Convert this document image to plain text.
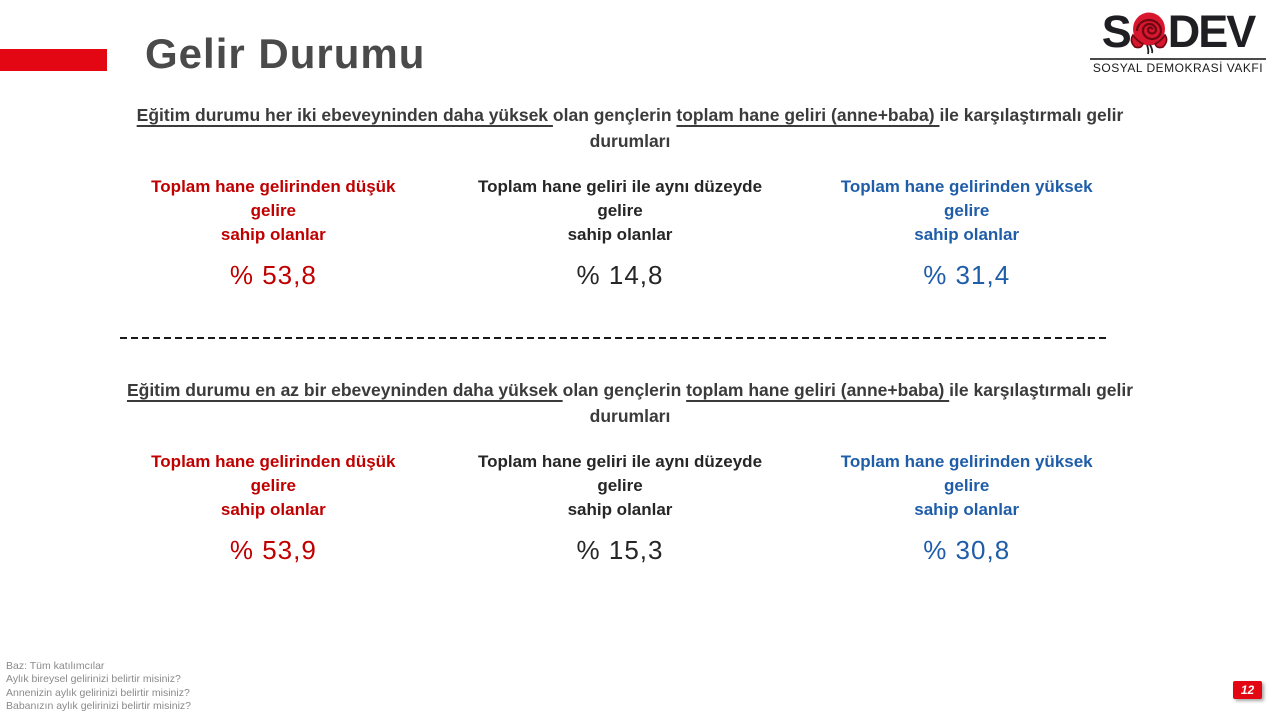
Gelir Durumu	S DEV
SOSYAL DEMOKRASİ VAKFI
Eğitim durumu her iki ebeveyninden daha yüksek olan gençlerin toplam hane geliri (anne+baba) ile karşılaştırmalı gelir
durumları
Toplam hane gelirinden düşük
gelire
sahip olanlar
% 53,8
Toplam hane geliri ile aynı düzeyde
gelire
sahip olanlar
% 14,8
Toplam hane gelirinden yüksek
gelire
sahip olanlar
% 31,4
Eğitim durumu en az bir ebeveyninden daha yüksek olan gençlerin toplam hane geliri (anne+baba) ile karşılaştırmalı gelir
durumları
Toplam hane gelirinden düşük
gelire
sahip olanlar
% 53,9
Toplam hane geliri ile aynı düzeyde
gelire
sahip olanlar
% 15,3
Toplam hane gelirinden yüksek
gelire
sahip olanlar
% 30,8
Baz: Tüm katılımcılar
Aylık bireysel gelirinizi belirtir misiniz?
Annenizin aylık gelirinizi belirtir misiniz?
Babanızın aylık gelirinizi belirtir misiniz?
12
